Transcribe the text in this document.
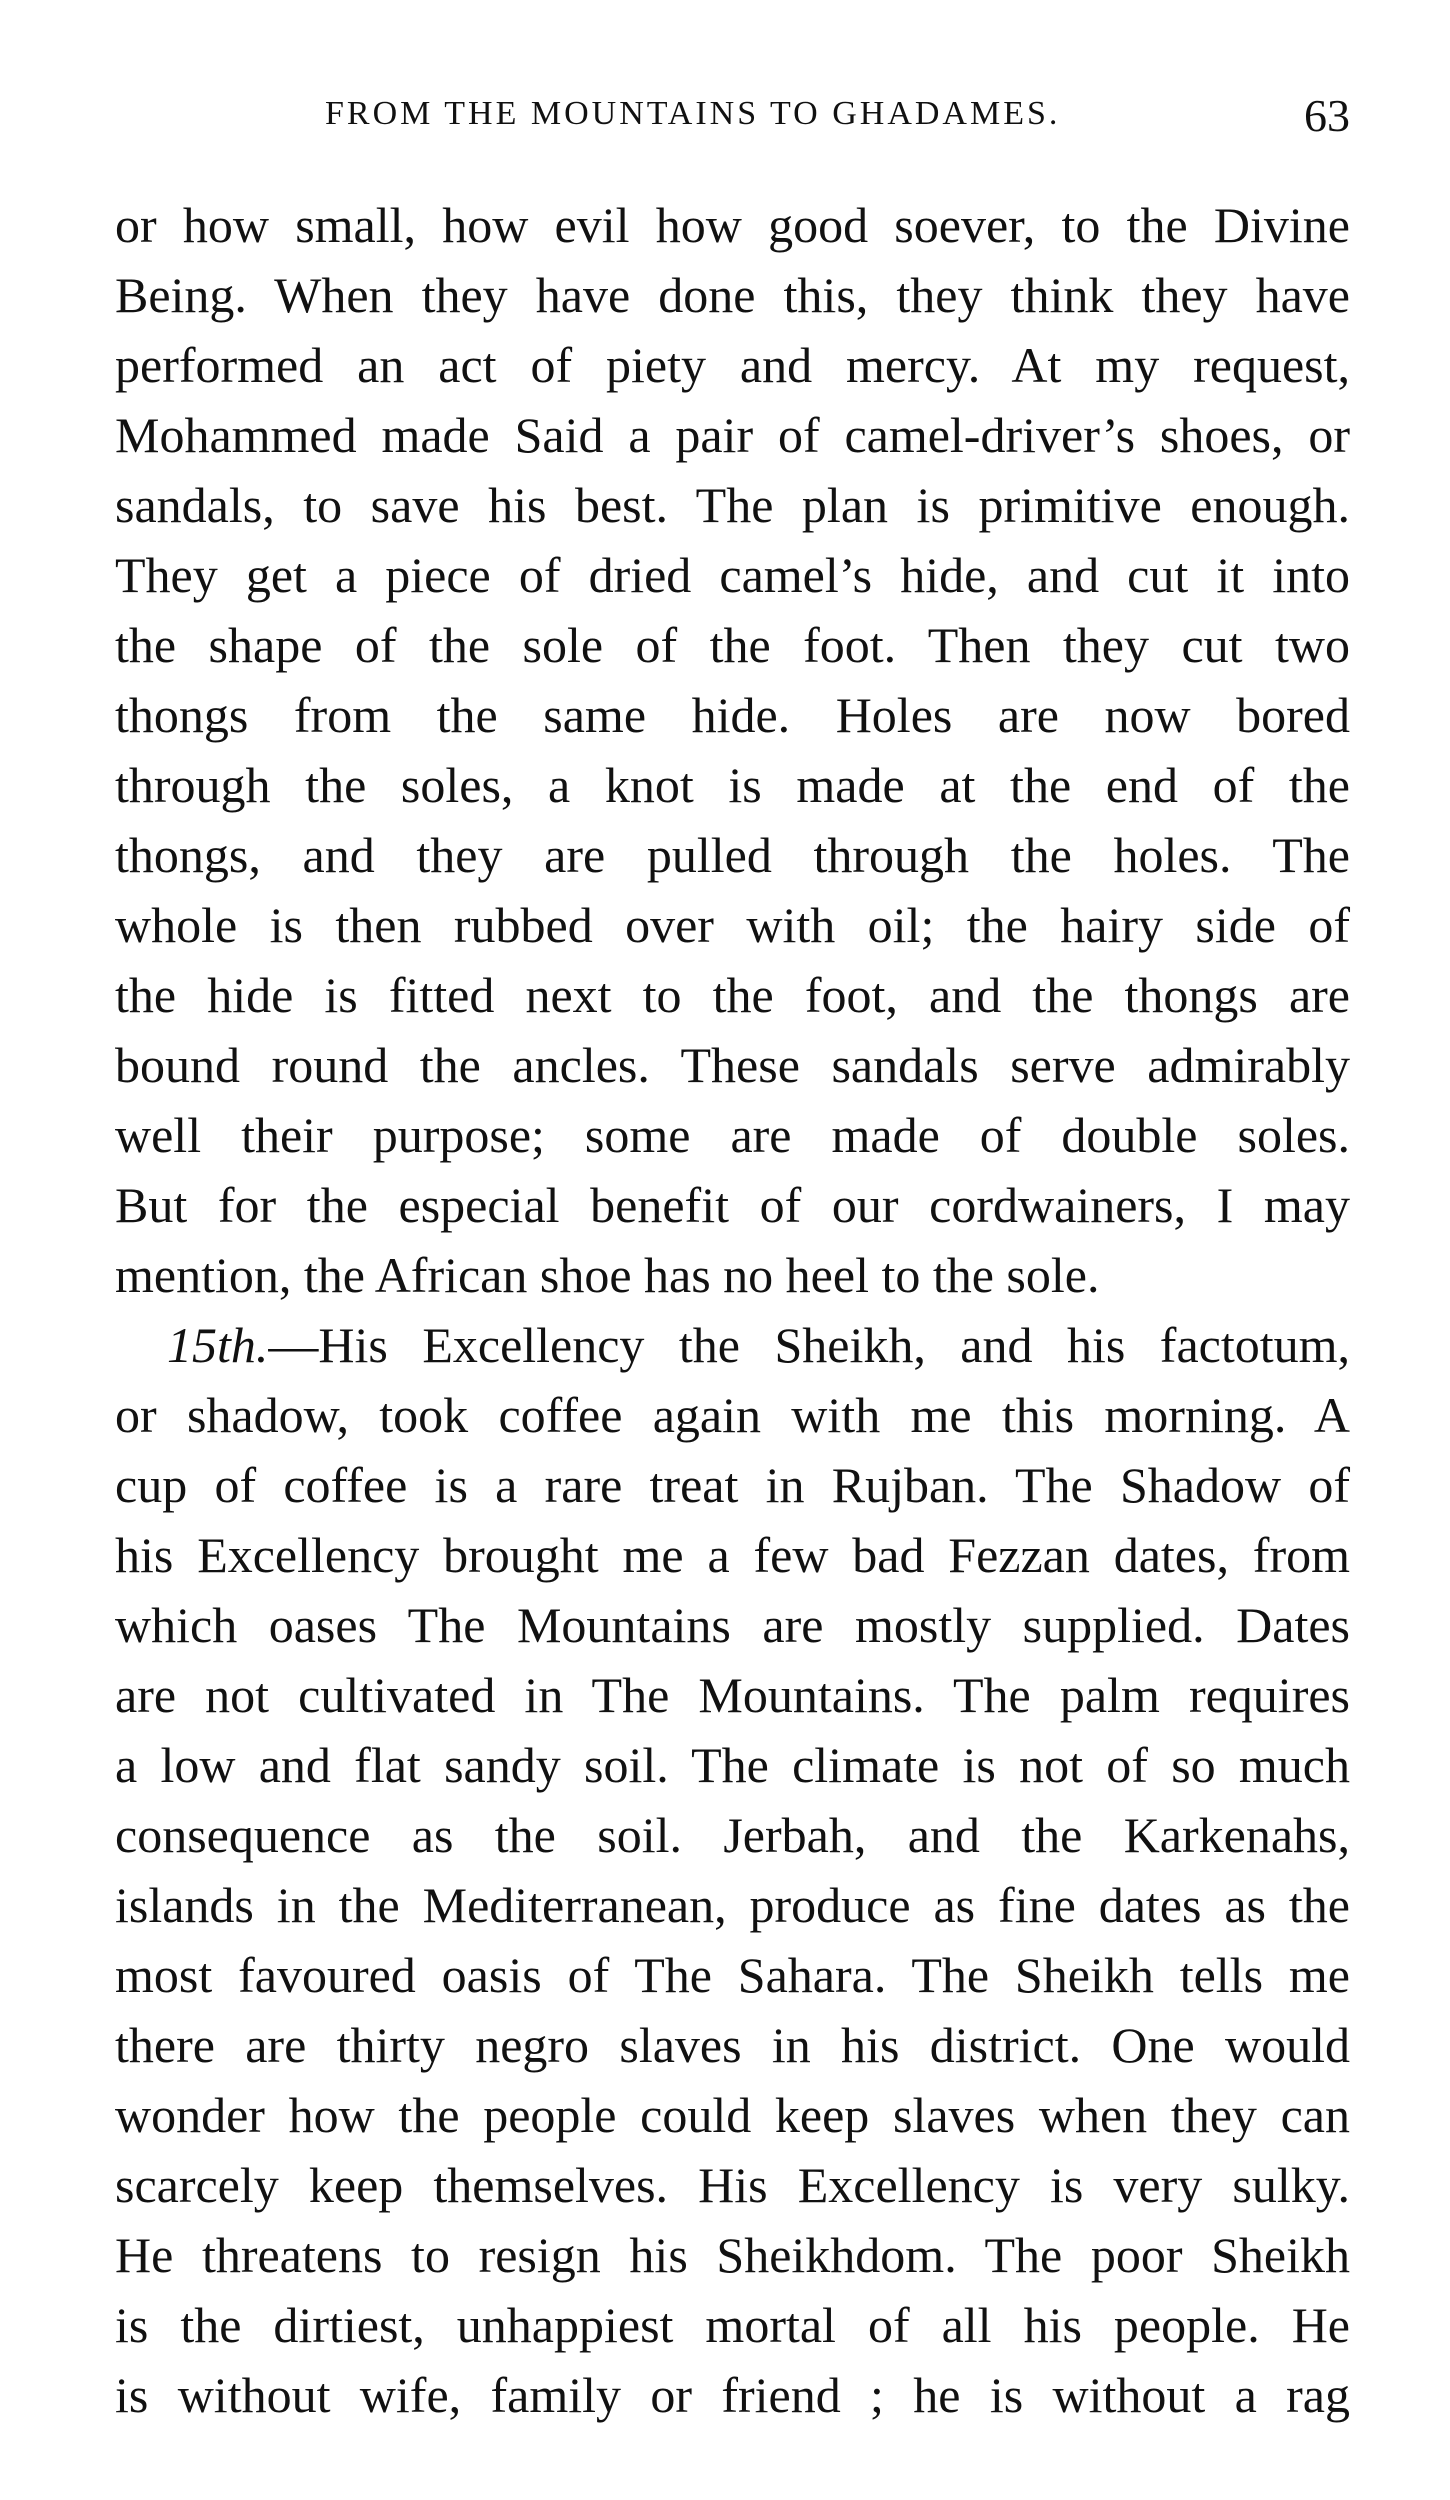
FROM THE MOUNTAINS TO GHADAMES.	63
or how small, how evil how good soever, to the Divine
Being. When they have done this, they think they have
performed an act of piety and mercy. At my request,
Mohammed made Said a pair of camel-driver’s shoes, or
sandals, to save his best. The plan is primitive enough.
They get a piece of dried camel’s hide, and cut it into
the shape of the sole of the foot. Then they cut two
thongs from the same hide. Holes are now bored
through the soles, a knot is made at the end of the
thongs, and they are pulled through the holes. The
whole is then rubbed over with oil; the hairy side of
the hide is fitted next to the foot, and the thongs are
bound round the ancles. These sandals serve admirably
well their purpose; some are made of double soles.
But for the especial benefit of our cordwainers, I may
mention, the African shoe has no heel to the sole.
15th.—His Excellency the Sheikh, and his factotum,
or shadow, took coffee again with me this morning. A
cup of coffee is a rare treat in Rujban. The Shadow of
his Excellency brought me a few bad Fezzan dates, from
which oases The Mountains are mostly supplied. Dates
are not cultivated in The Mountains. The palm requires
a low and flat sandy soil. The climate is not of so much
consequence as the soil. Jerbah, and the Karkenahs,
islands in the Mediterranean, produce as fine dates as the
most favoured oasis of The Sahara. The Sheikh tells me
there are thirty negro slaves in his district. One would
wonder how the people could keep slaves when they can
scarcely keep themselves. His Excellency is very sulky.
He threatens to resign his Sheikhdom. The poor Sheikh
is the dirtiest, unhappiest mortal of all his people. He
is without wife, family or friend ; he is without a rag
